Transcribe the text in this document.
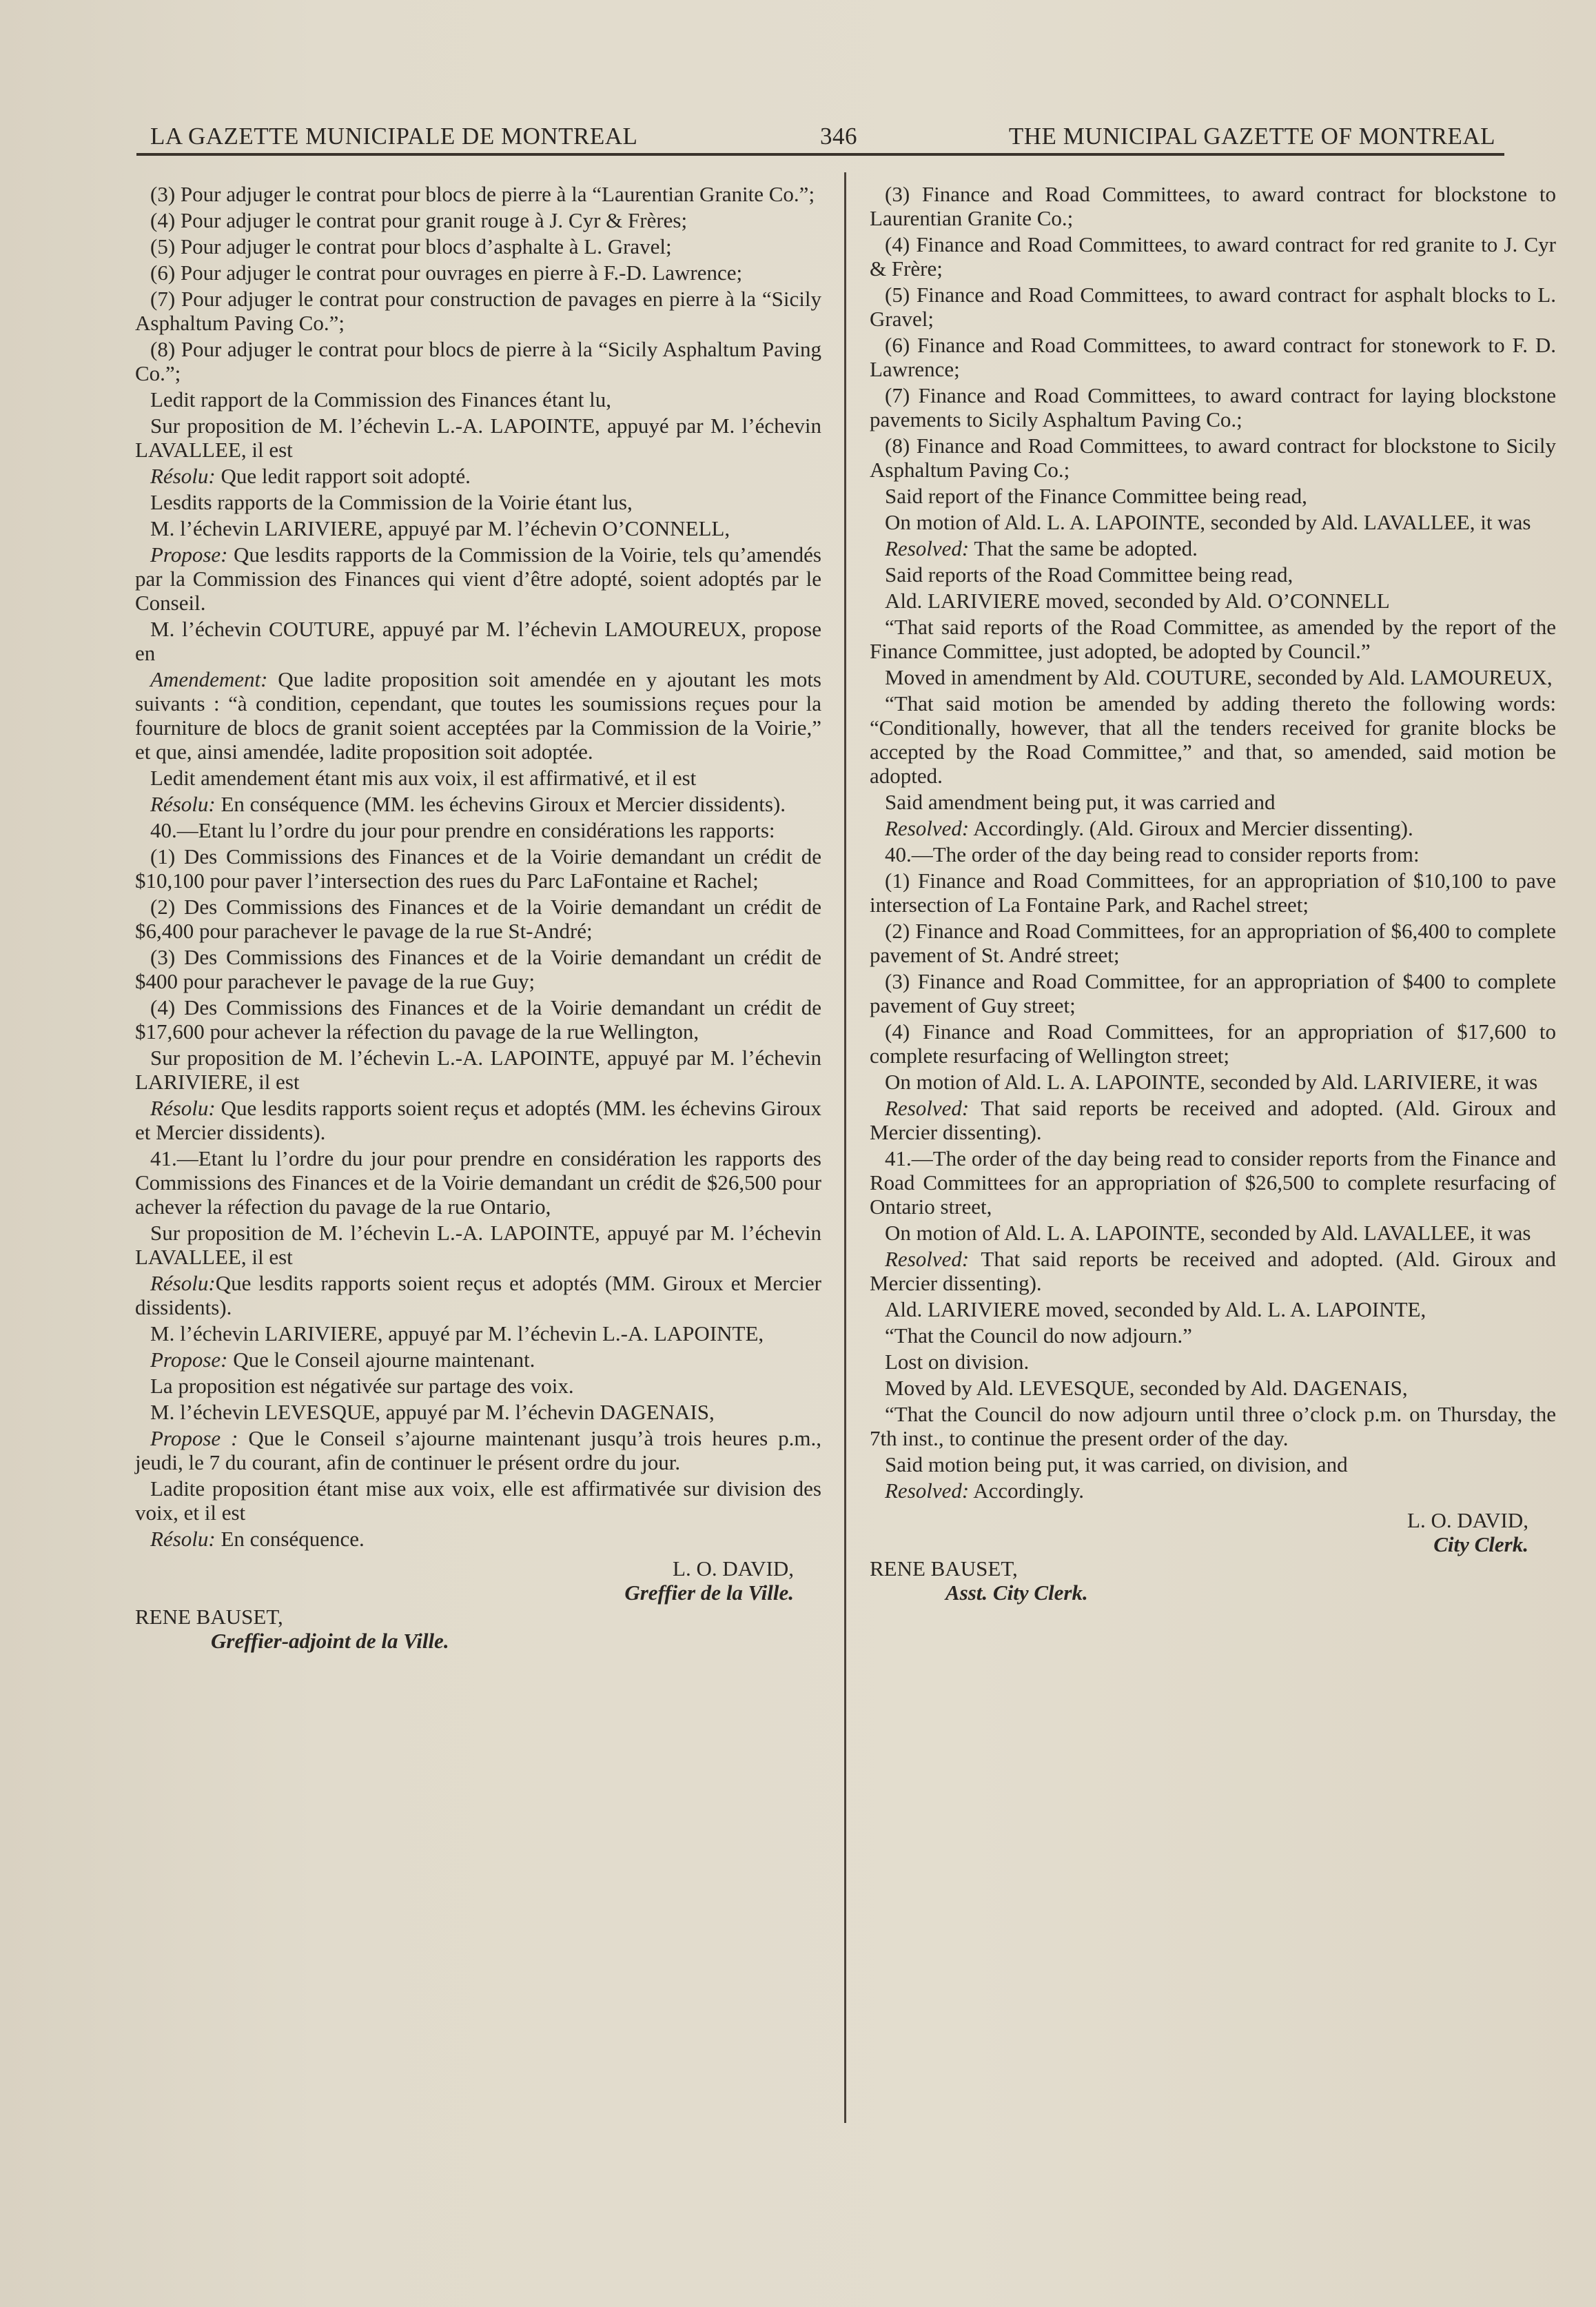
LA GAZETTE MUNICIPALE DE MONTREAL	346	THE MUNICIPAL GAZETTE OF MONTREAL

(3) Pour adjuger le contrat pour blocs de pierre à la “Laurentian Granite Co.”;

(4) Pour adjuger le contrat pour granit rouge à J. Cyr & Frères;

(5) Pour adjuger le contrat pour blocs d’asphalte à L. Gravel;

(6) Pour adjuger le contrat pour ouvrages en pierre à F.-D. Lawrence;

(7) Pour adjuger le contrat pour construction de pavages en pierre à la “Sicily Asphaltum Paving Co.”;

(8) Pour adjuger le contrat pour blocs de pierre à la “Sicily Asphaltum Paving Co.”;

Ledit rapport de la Commission des Finances étant lu,

Sur proposition de M. l’échevin L.-A. LAPOINTE, appuyé par M. l’échevin LAVALLEE, il est

Résolu: Que ledit rapport soit adopté.

Lesdits rapports de la Commission de la Voirie étant lus,

M. l’échevin LARIVIERE, appuyé par M. l’échevin O’CONNELL,

Propose: Que lesdits rapports de la Commission de la Voirie, tels qu’amendés par la Commission des Finances qui vient d’être adopté, soient adoptés par le Conseil.

M. l’échevin COUTURE, appuyé par M. l’échevin LAMOUREUX, propose en

Amendement: Que ladite proposition soit amendée en y ajoutant les mots suivants : “à condition, cependant, que toutes les soumissions reçues pour la fourniture de blocs de granit soient acceptées par la Commission de la Voirie,” et que, ainsi amendée, ladite proposition soit adoptée.

Ledit amendement étant mis aux voix, il est affirmativé, et il est

Résolu: En conséquence (MM. les échevins Giroux et Mercier dissidents).

40.—Etant lu l’ordre du jour pour prendre en considérations les rapports:

(1) Des Commissions des Finances et de la Voirie demandant un crédit de $10,100 pour paver l’intersection des rues du Parc LaFontaine et Rachel;

(2) Des Commissions des Finances et de la Voirie demandant un crédit de $6,400 pour parachever le pavage de la rue St-André;

(3) Des Commissions des Finances et de la Voirie demandant un crédit de $400 pour parachever le pavage de la rue Guy;

(4) Des Commissions des Finances et de la Voirie demandant un crédit de $17,600 pour achever la réfection du pavage de la rue Wellington,

Sur proposition de M. l’échevin L.-A. LAPOINTE, appuyé par M. l’échevin LARIVIERE, il est

Résolu: Que lesdits rapports soient reçus et adoptés (MM. les échevins Giroux et Mercier dissidents).

41.—Etant lu l’ordre du jour pour prendre en considération les rapports des Commissions des Finances et de la Voirie demandant un crédit de $26,500 pour achever la réfection du pavage de la rue Ontario,

Sur proposition de M. l’échevin L.-A. LAPOINTE, appuyé par M. l’échevin LAVALLEE, il est

Résolu:Que lesdits rapports soient reçus et adoptés (MM. Giroux et Mercier dissidents).

M. l’échevin LARIVIERE, appuyé par M. l’échevin L.-A. LAPOINTE,

Propose: Que le Conseil ajourne maintenant.

La proposition est négativée sur partage des voix.

M. l’échevin LEVESQUE, appuyé par M. l’échevin DAGENAIS,

Propose : Que le Conseil s’ajourne maintenant jusqu’à trois heures p.m., jeudi, le 7 du courant, afin de continuer le présent ordre du jour.

Ladite proposition étant mise aux voix, elle est affirmativée sur division des voix, et il est

Résolu: En conséquence.

L. O. DAVID,

Greffier de la Ville.

RENE BAUSET,

Greffier-adjoint de la Ville.

(3) Finance and Road Committees, to award contract for blockstone to Laurentian Granite Co.;

(4) Finance and Road Committees, to award contract for red granite to J. Cyr & Frère;

(5) Finance and Road Committees, to award contract for asphalt blocks to L. Gravel;

(6) Finance and Road Committees, to award contract for stonework to F. D. Lawrence;

(7) Finance and Road Committees, to award contract for laying blockstone pavements to Sicily Asphaltum Paving Co.;

(8) Finance and Road Committees, to award contract for blockstone to Sicily Asphaltum Paving Co.;

Said report of the Finance Committee being read,

On motion of Ald. L. A. LAPOINTE, seconded by Ald. LAVALLEE, it was

Resolved: That the same be adopted.

Said reports of the Road Committee being read,

Ald. LARIVIERE moved, seconded by Ald. O’CONNELL

“That said reports of the Road Committee, as amended by the report of the Finance Committee, just adopted, be adopted by Council.”

Moved in amendment by Ald. COUTURE, seconded by Ald. LAMOUREUX,

“That said motion be amended by adding thereto the following words: “Conditionally, however, that all the tenders received for granite blocks be accepted by the Road Committee,” and that, so amended, said motion be adopted.

Said amendment being put, it was carried and

Resolved: Accordingly. (Ald. Giroux and Mercier dissenting).

40.—The order of the day being read to consider reports from:

(1) Finance and Road Committees, for an appropriation of $10,100 to pave intersection of La Fontaine Park, and Rachel street;

(2) Finance and Road Committees, for an appropriation of $6,400 to complete pavement of St. André street;

(3) Finance and Road Committee, for an appropriation of $400 to complete pavement of Guy street;

(4) Finance and Road Committees, for an appropriation of $17,600 to complete resurfacing of Wellington street;

On motion of Ald. L. A. LAPOINTE, seconded by Ald. LARIVIERE, it was

Resolved: That said reports be received and adopted. (Ald. Giroux and Mercier dissenting).

41.—The order of the day being read to consider reports from the Finance and Road Committees for an appropriation of $26,500 to complete resurfacing of Ontario street,

On motion of Ald. L. A. LAPOINTE, seconded by Ald. LAVALLEE, it was

Resolved: That said reports be received and adopted. (Ald. Giroux and Mercier dissenting).

Ald. LARIVIERE moved, seconded by Ald. L. A. LAPOINTE,

“That the Council do now adjourn.”

Lost on division.

Moved by Ald. LEVESQUE, seconded by Ald. DAGENAIS,

“That the Council do now adjourn until three o’clock p.m. on Thursday, the 7th inst., to continue the present order of the day.

Said motion being put, it was carried, on division, and

Resolved: Accordingly.

L. O. DAVID,

City Clerk.

RENE BAUSET,

Asst. City Clerk.
